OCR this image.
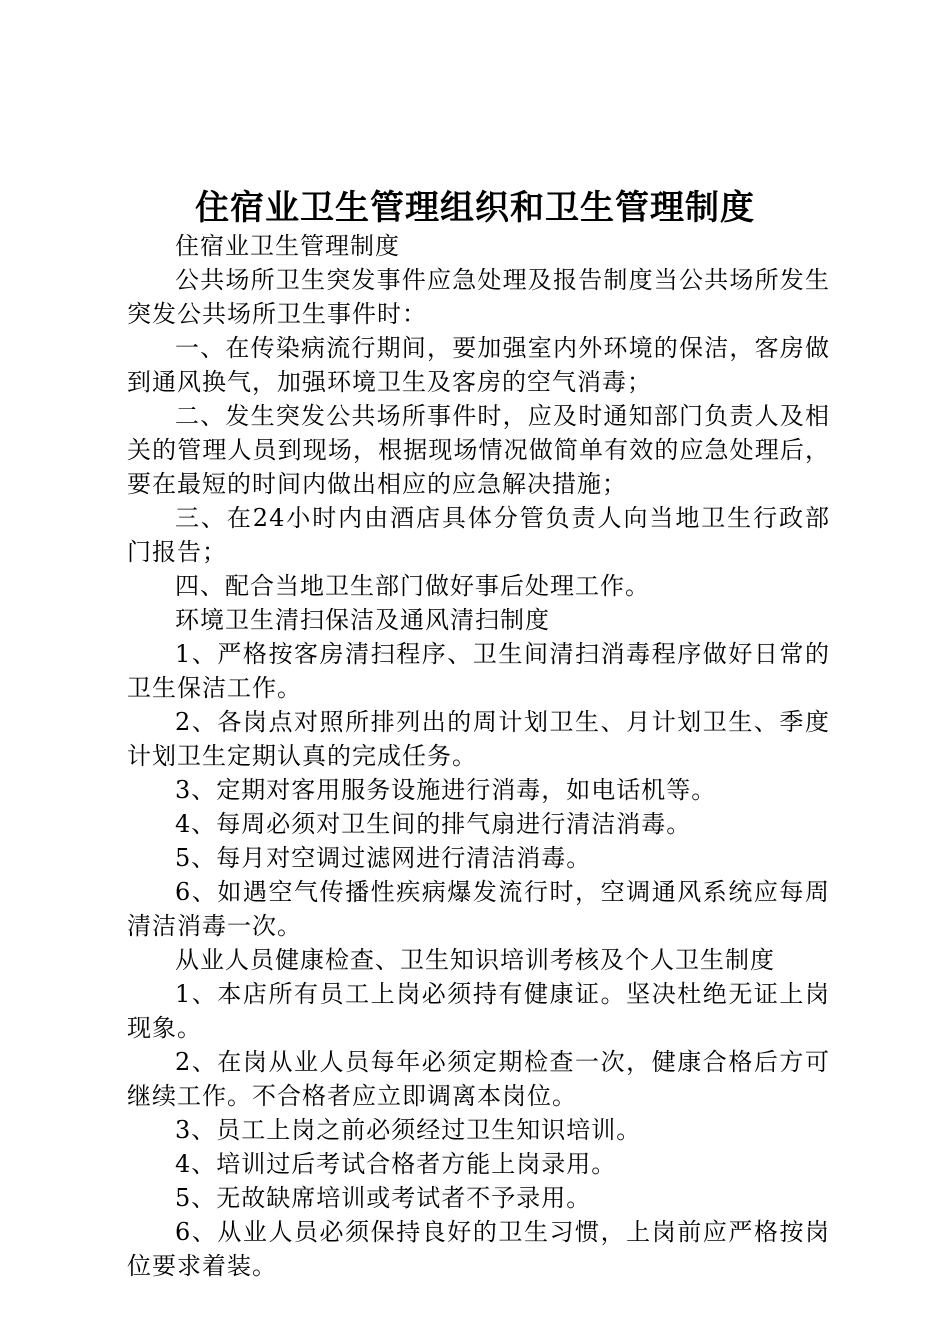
住宿业卫生管理组织和卫生管理制度

住宿业卫生管理制度

公共场所卫生突发事件应急处理及报告制度当公共场所发生突发公共场所卫生事件时：

一、在传染病流行期间，要加强室内外环境的保洁，客房做到通风换气，加强环境卫生及客房的空气消毒；

二、发生突发公共场所事件时，应及时通知部门负责人及相关的管理人员到现场，根据现场情况做简单有效的应急处理后，要在最短的时间内做出相应的应急解决措施；

三、在24小时内由酒店具体分管负责人向当地卫生行政部门报告；

四、配合当地卫生部门做好事后处理工作。

环境卫生清扫保洁及通风清扫制度

1、严格按客房清扫程序、卫生间清扫消毒程序做好日常的卫生保洁工作。

2、各岗点对照所排列出的周计划卫生、月计划卫生、季度计划卫生定期认真的完成任务。

3、定期对客用服务设施进行消毒，如电话机等。

4、每周必须对卫生间的排气扇进行清洁消毒。

5、每月对空调过滤网进行清洁消毒。

6、如遇空气传播性疾病爆发流行时，空调通风系统应每周清洁消毒一次。

从业人员健康检查、卫生知识培训考核及个人卫生制度

1、本店所有员工上岗必须持有健康证。坚决杜绝无证上岗现象。

2、在岗从业人员每年必须定期检查一次，健康合格后方可继续工作。不合格者应立即调离本岗位。

3、员工上岗之前必须经过卫生知识培训。

4、培训过后考试合格者方能上岗录用。

5、无故缺席培训或考试者不予录用。

6、从业人员必须保持良好的卫生习惯，上岗前应严格按岗位要求着装。
